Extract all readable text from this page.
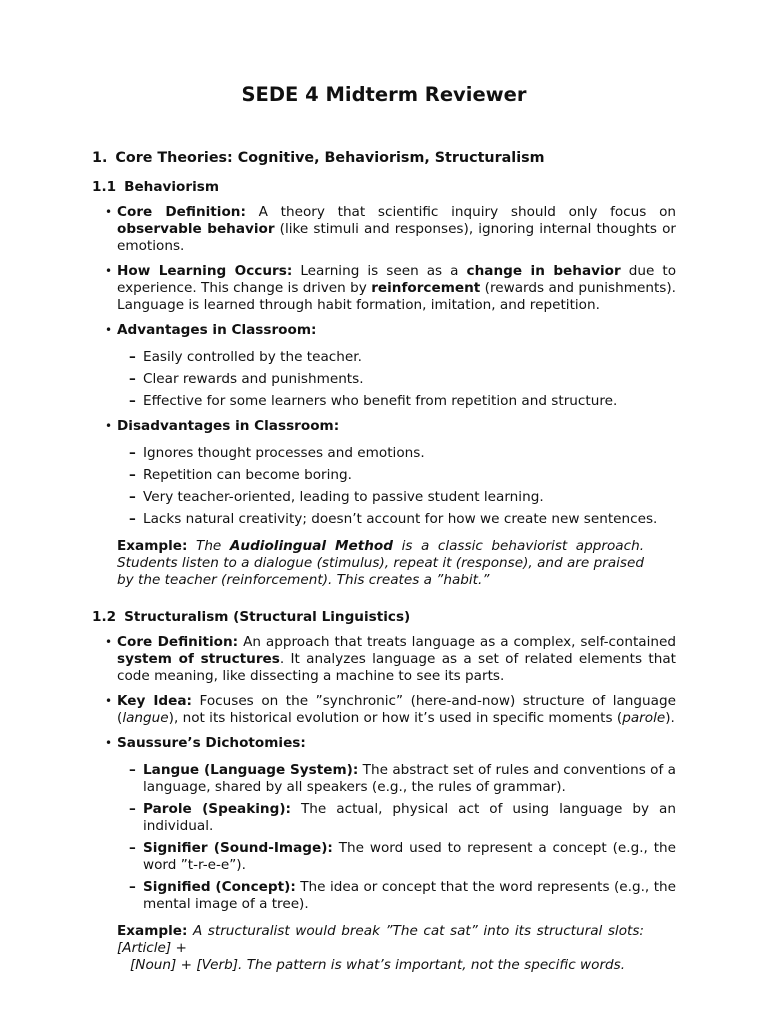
SEDE 4 Midterm Reviewer
1. Core Theories: Cognitive, Behaviorism, Structuralism
1.1 Behaviorism
• Core Definition: A theory that scientific inquiry should only focus on observable behavior (like stimuli and responses), ignoring internal thoughts or emotions.
• How Learning Occurs: Learning is seen as a change in behavior due to experience. This change is driven by reinforcement (rewards and punishments). Language is learned through habit formation, imitation, and repetition.
• Advantages in Classroom:
– Easily controlled by the teacher.
– Clear rewards and punishments.
– Effective for some learners who benefit from repetition and structure.
• Disadvantages in Classroom:
– Ignores thought processes and emotions.
– Repetition can become boring.
– Very teacher-oriented, leading to passive student learning.
– Lacks natural creativity; doesn’t account for how we create new sentences.
Example: The Audiolingual Method is a classic behaviorist approach. Students listen to a dialogue (stimulus), repeat it (response), and are praised by the teacher (reinforcement). This creates a ”habit.”
1.2 Structuralism (Structural Linguistics)
• Core Definition: An approach that treats language as a complex, self-contained system of structures. It analyzes language as a set of related elements that code meaning, like dissecting a machine to see its parts.
• Key Idea: Focuses on the ”synchronic” (here-and-now) structure of language (langue), not its historical evolution or how it’s used in specific moments (parole).
• Saussure’s Dichotomies:
– Langue (Language System): The abstract set of rules and conventions of a language, shared by all speakers (e.g., the rules of grammar).
– Parole (Speaking): The actual, physical act of using language by an individual.
– Signifier (Sound-Image): The word used to represent a concept (e.g., the word ”t-r-e-e”).
– Signified (Concept): The idea or concept that the word represents (e.g., the mental image of a tree).
Example: A structuralist would break ”The cat sat” into its structural slots: [Article] +
[Noun] + [Verb]. The pattern is what’s important, not the specific words.
